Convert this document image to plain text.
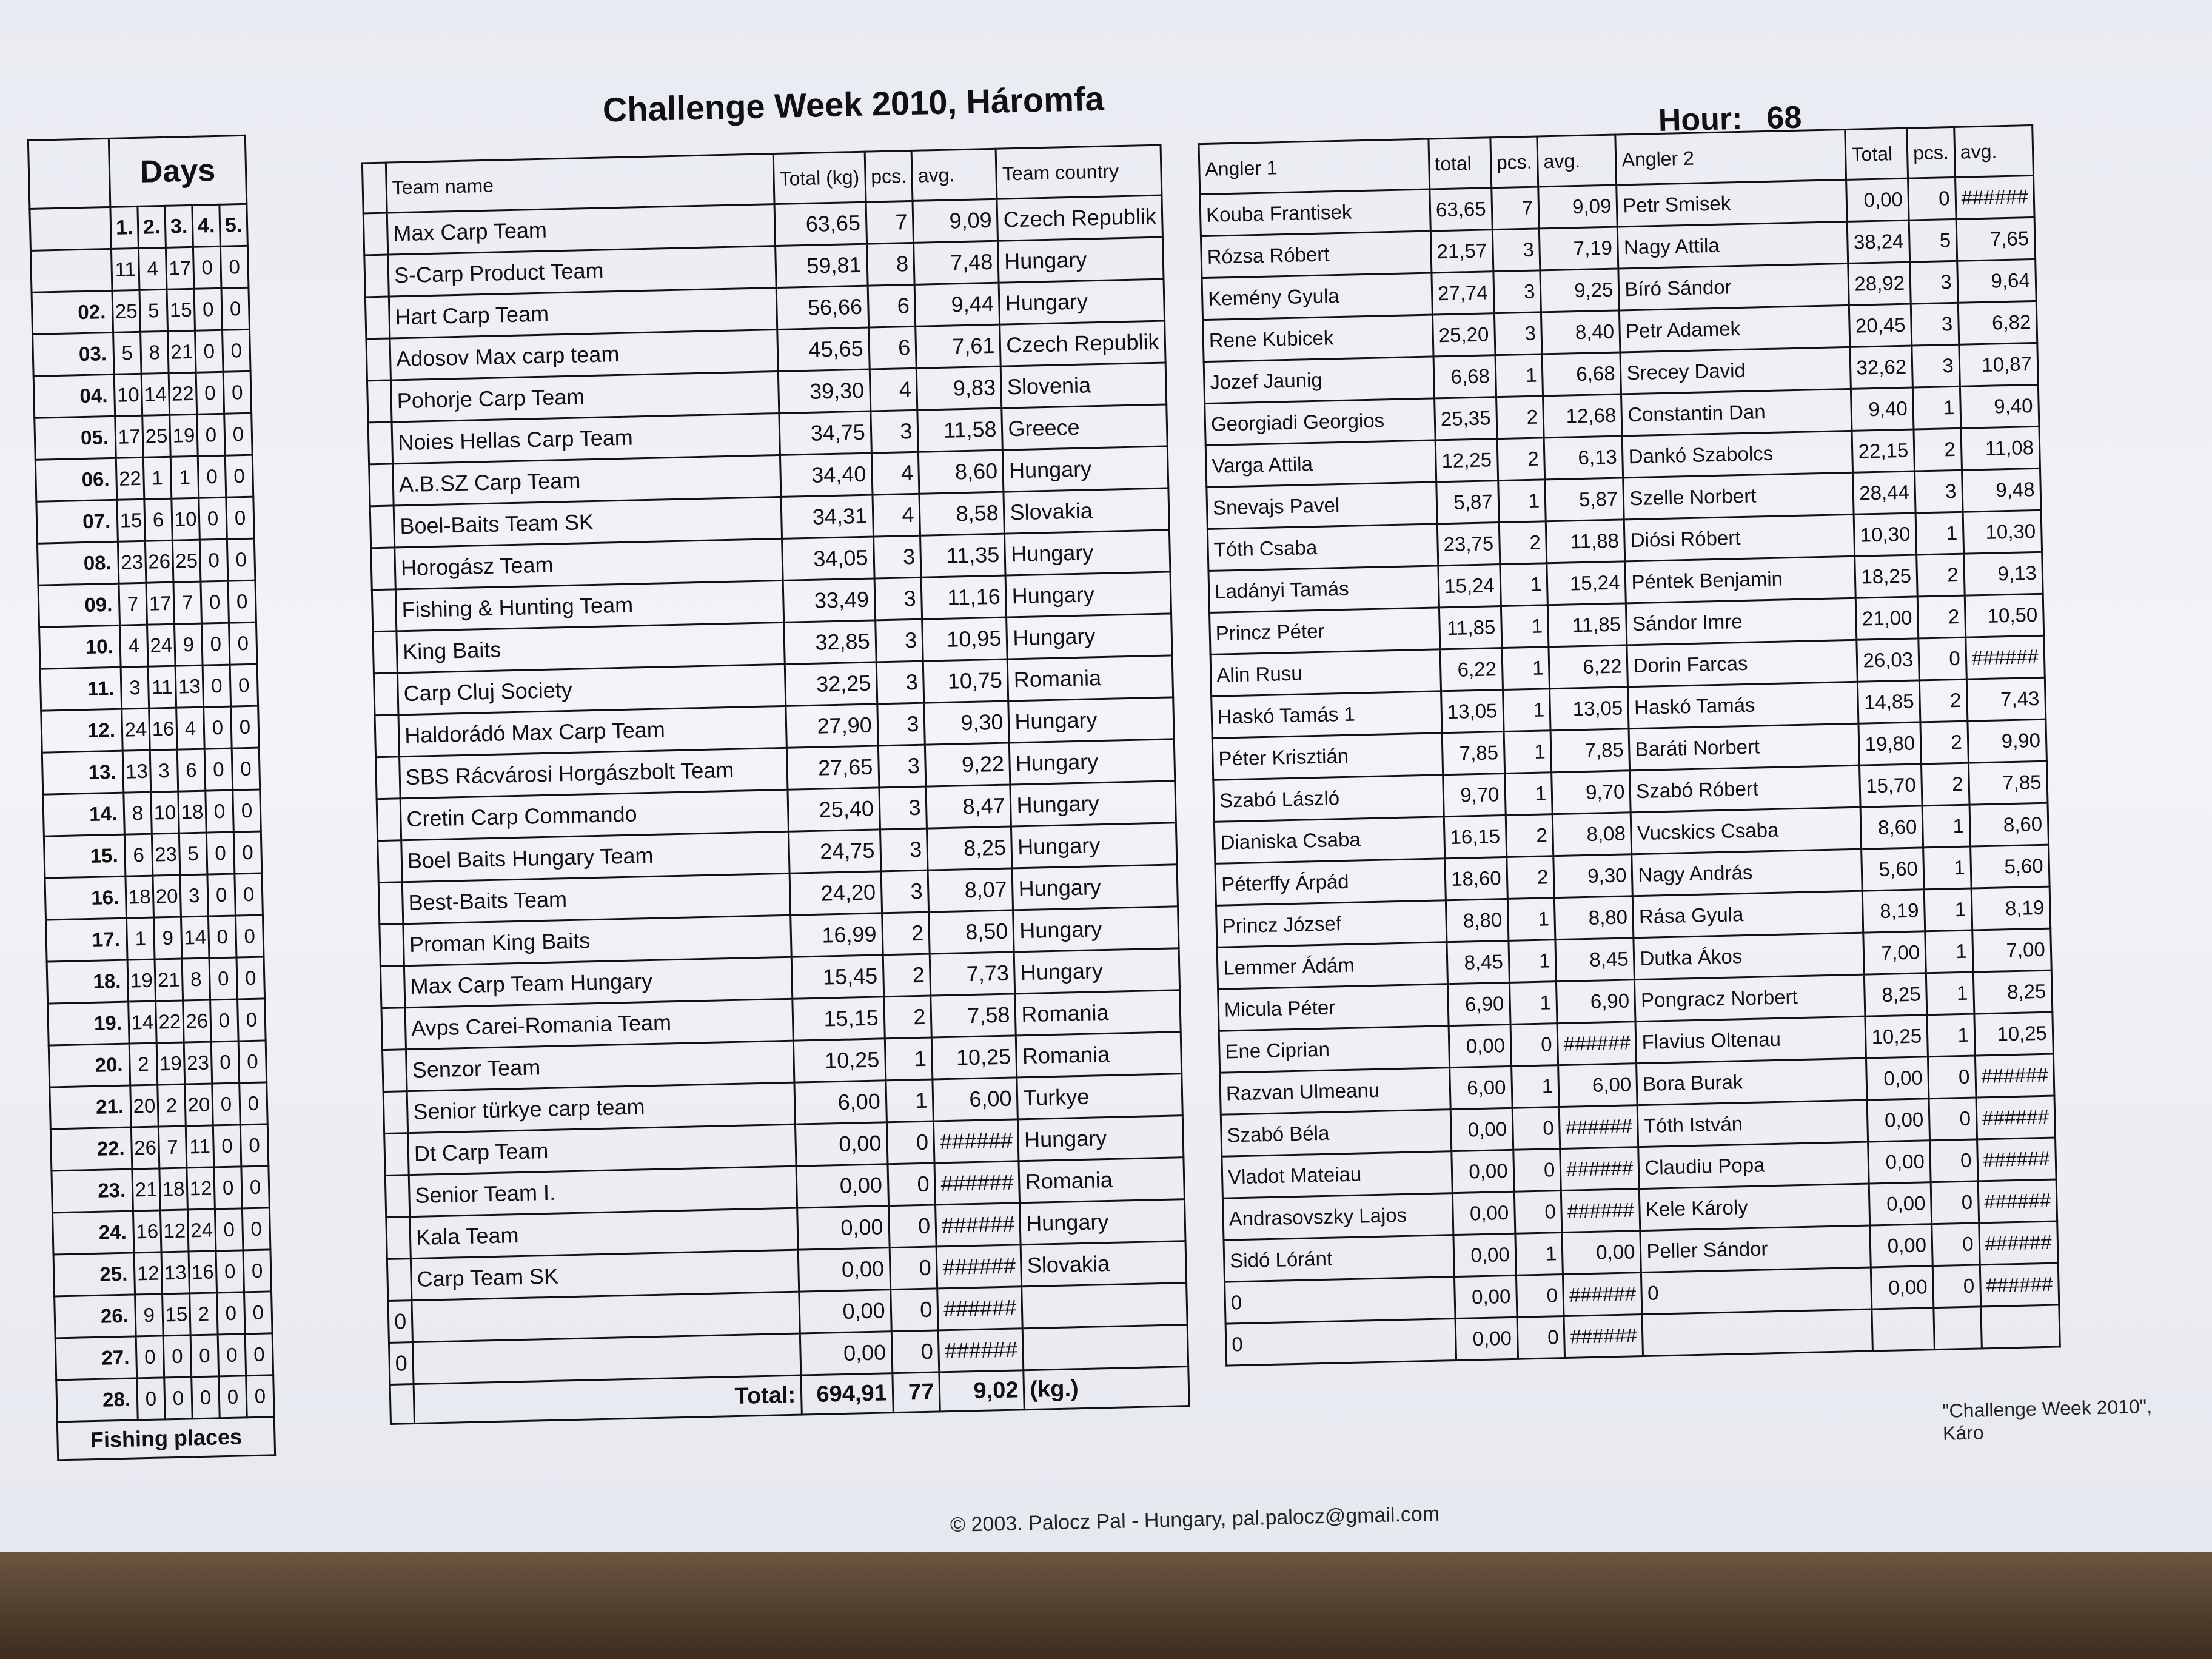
Challenge Week 2010, Háromfa	Hour: 68
	Days				
	1.	2.	3.	4.	5.
	11	4	17	0	0
02.	25	5	15	0	0
03.	5	8	21	0	0
04.	10	14	22	0	0
05.	17	25	19	0	0
06.	22	1	1	0	0
07.	15	6	10	0	0
08.	23	26	25	0	0
09.	7	17	7	0	0
10.	4	24	9	0	0
11.	3	11	13	0	0
12.	24	16	4	0	0
13.	13	3	6	0	0
14.	8	10	18	0	0
15.	6	23	5	0	0
16.	18	20	3	0	0
17.	1	9	14	0	0
18.	19	21	8	0	0
19.	14	22	26	0	0
20.	2	19	23	0	0
21.	20	2	20	0	0
22.	26	7	11	0	0
23.	21	18	12	0	0
24.	16	12	24	0	0
25.	12	13	16	0	0
26.	9	15	2	0	0
27.	0	0	0	0	0
28.	0	0	0	0	0
Fishing places					
	Team name	Total (kg)	pcs.	avg.	Team country
	Max Carp Team	63,65	7	9,09	Czech Republik
	S-Carp Product Team	59,81	8	7,48	Hungary
	Hart Carp Team	56,66	6	9,44	Hungary
	Adosov Max carp team	45,65	6	7,61	Czech Republik
	Pohorje Carp Team	39,30	4	9,83	Slovenia
	Noies Hellas Carp Team	34,75	3	11,58	Greece
	A.B.SZ Carp Team	34,40	4	8,60	Hungary
	Boel-Baits Team SK	34,31	4	8,58	Slovakia
	Horogász Team	34,05	3	11,35	Hungary
	Fishing & Hunting Team	33,49	3	11,16	Hungary
	King Baits	32,85	3	10,95	Hungary
	Carp Cluj Society	32,25	3	10,75	Romania
	Haldorádó Max Carp Team	27,90	3	9,30	Hungary
	SBS Rácvárosi Horgászbolt Team	27,65	3	9,22	Hungary
	Cretin Carp Commando	25,40	3	8,47	Hungary
	Boel Baits Hungary Team	24,75	3	8,25	Hungary
	Best-Baits Team	24,20	3	8,07	Hungary
	Proman King Baits	16,99	2	8,50	Hungary
	Max Carp Team Hungary	15,45	2	7,73	Hungary
	Avps Carei-Romania Team	15,15	2	7,58	Romania
	Senzor Team	10,25	1	10,25	Romania
	Senior türkye carp team	6,00	1	6,00	Turkye
	Dt Carp Team	0,00	0	######	Hungary
	Senior Team I.	0,00	0	######	Romania
	Kala Team	0,00	0	######	Hungary
	Carp Team SK	0,00	0	######	Slovakia
0		0,00	0	######	
0		0,00	0	######	
	Total:	694,91	77	9,02	(kg.)
Angler 1	total	pcs.	avg.	Angler 2	Total	pcs.	avg.
Kouba Frantisek	63,65	7	9,09	Petr Smisek	0,00	0	######
Rózsa Róbert	21,57	3	7,19	Nagy Attila	38,24	5	7,65
Kemény Gyula	27,74	3	9,25	Bíró Sándor	28,92	3	9,64
Rene Kubicek	25,20	3	8,40	Petr Adamek	20,45	3	6,82
Jozef Jaunig	6,68	1	6,68	Srecey David	32,62	3	10,87
Georgiadi Georgios	25,35	2	12,68	Constantin Dan	9,40	1	9,40
Varga Attila	12,25	2	6,13	Dankó Szabolcs	22,15	2	11,08
Snevajs Pavel	5,87	1	5,87	Szelle Norbert	28,44	3	9,48
Tóth Csaba	23,75	2	11,88	Diósi Róbert	10,30	1	10,30
Ladányi Tamás	15,24	1	15,24	Péntek Benjamin	18,25	2	9,13
Princz Péter	11,85	1	11,85	Sándor Imre	21,00	2	10,50
Alin Rusu	6,22	1	6,22	Dorin Farcas	26,03	0	######
Haskó Tamás 1	13,05	1	13,05	Haskó Tamás	14,85	2	7,43
Péter Krisztián	7,85	1	7,85	Baráti Norbert	19,80	2	9,90
Szabó László	9,70	1	9,70	Szabó Róbert	15,70	2	7,85
Dianiska Csaba	16,15	2	8,08	Vucskics Csaba	8,60	1	8,60
Péterffy Árpád	18,60	2	9,30	Nagy András	5,60	1	5,60
Princz József	8,80	1	8,80	Rása Gyula	8,19	1	8,19
Lemmer Ádám	8,45	1	8,45	Dutka Ákos	7,00	1	7,00
Micula Péter	6,90	1	6,90	Pongracz Norbert	8,25	1	8,25
Ene Ciprian	0,00	0	######	Flavius Oltenau	10,25	1	10,25
Razvan Ulmeanu	6,00	1	6,00	Bora Burak	0,00	0	######
Szabó Béla	0,00	0	######	Tóth István	0,00	0	######
Vladot Mateiau	0,00	0	######	Claudiu Popa	0,00	0	######
Andrasovszky Lajos	0,00	0	######	Kele Károly	0,00	0	######
Sidó Lóránt	0,00	1	0,00	Peller Sándor	0,00	0	######
0	0,00	0	######	0	0,00	0	######
0	0,00	0	######				
"Challenge Week 2010", Káro
© 2003. Palocz Pal - Hungary, pal.palocz@gmail.com
